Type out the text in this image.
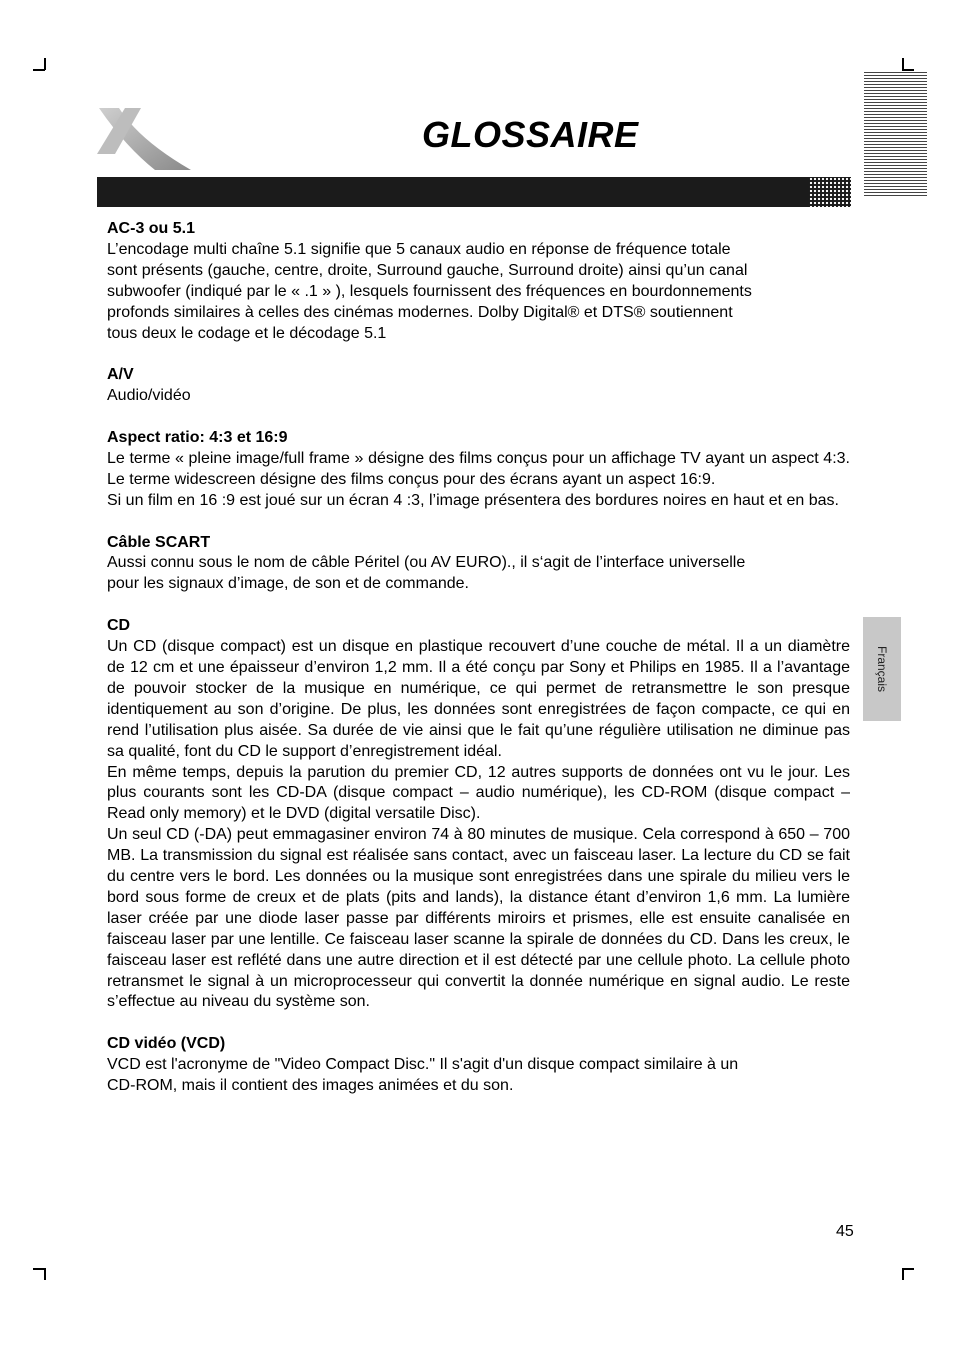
GLOSSAIRE
Français
AC-3 ou 5.1
L’encodage multi chaîne 5.1 signifie que 5 canaux audio en réponse de fréquence totale
sont présents (gauche, centre, droite, Surround gauche, Surround droite) ainsi qu’un canal
subwoofer (indiqué par le « .1 » ), lesquels fournissent des fréquences en bourdonnements
profonds similaires à celles des cinémas modernes. Dolby Digital® et DTS® soutiennent
tous deux le codage et le décodage 5.1
A/V
Audio/vidéo
Aspect ratio: 4:3 et 16:9
Le terme « pleine image/full frame » désigne des films conçus pour un affichage TV ayant un aspect 4:3. Le terme widescreen désigne des films conçus pour des écrans ayant un aspect 16:9.
Si un film en 16 :9 est joué sur un écran 4 :3, l’image présentera des bordures noires en haut et en bas.
Câble SCART
Aussi connu sous le nom de câble Péritel (ou AV EURO)., il s‘agit de l’interface universelle
pour les signaux d’image, de son et de commande.
CD
Un CD (disque compact) est un disque en plastique recouvert d’une couche de métal. Il a un diamètre de 12 cm et une épaisseur d’environ 1,2 mm. Il a été conçu par Sony et Philips en 1985. Il a l’avantage de pouvoir stocker de la musique en numérique, ce qui permet de retransmettre le son presque identiquement au son d’origine. De plus, les données sont enregistrées de façon compacte, ce qui en rend l’utilisation plus aisée. Sa durée de vie ainsi que le fait qu’une régulière utilisation ne diminue pas sa qualité, font du CD le support d’enregistrement idéal.
En même temps, depuis la parution du premier CD, 12 autres supports de données ont vu le jour. Les plus courants sont les CD-DA (disque compact – audio numérique), les CD-ROM (disque compact – Read only memory) et le DVD (digital versatile Disc).
Un seul CD (-DA) peut emmagasiner environ 74 à 80 minutes de musique. Cela correspond à 650 – 700 MB. La transmission du signal est réalisée sans contact, avec un faisceau laser. La lecture du CD se fait du centre vers le bord. Les données ou la musique sont enregistrées dans une spirale du milieu vers le bord sous forme de creux et de plats (pits and lands), la distance étant d’environ 1,6 mm. La lumière laser créée par une diode laser passe par différents miroirs et prismes, elle est ensuite canalisée en faisceau laser par une lentille. Ce faisceau laser scanne la spirale de données du CD. Dans les creux, le faisceau laser est reflété dans une autre direction et il est détecté par une cellule photo. La cellule photo retransmet le signal à un microprocesseur qui convertit la donnée numérique en signal audio. Le reste s’effectue au niveau du système son.
CD vidéo (VCD)
VCD est l'acronyme de "Video Compact Disc." Il s'agit d'un disque compact similaire à un
CD-ROM, mais il contient des images animées et du son.
45
